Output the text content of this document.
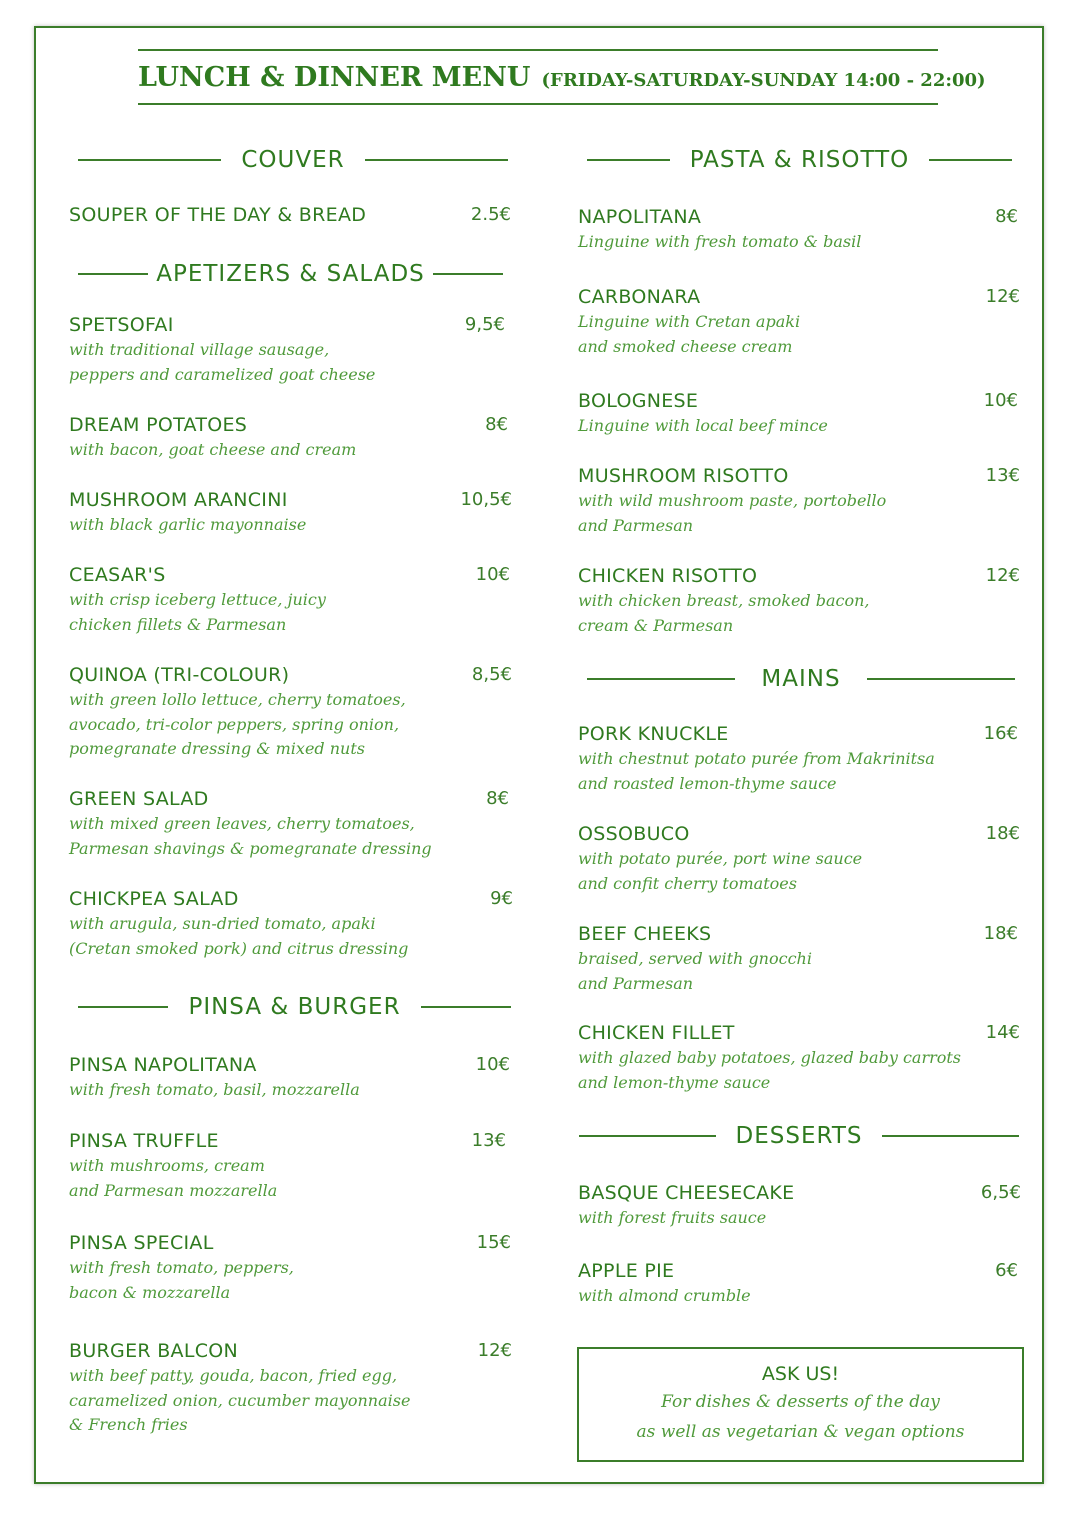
LUNCH & DINNER MENU (FRIDAY-SATURDAY-SUNDAY 14:00 - 22:00)
COUVER
SOUPER OF THE DAY & BREAD	2.5€
APETIZERS & SALADS
SPETSOFAI	9,5€
with traditional village sausage,
peppers and caramelized goat cheese
DREAM POTATOES	8€
with bacon, goat cheese and cream
MUSHROOM ARANCINI	10,5€
with black garlic mayonnaise
CEASAR'S	10€
with crisp iceberg lettuce, juicy
chicken fillets & Parmesan
QUINOA (TRI-COLOUR)	8,5€
with green lollo lettuce, cherry tomatoes,
avocado, tri-color peppers, spring onion,
pomegranate dressing & mixed nuts
GREEN SALAD	8€
with mixed green leaves, cherry tomatoes,
Parmesan shavings & pomegranate dressing
CHICKPEA SALAD	9€
with arugula, sun-dried tomato, apaki
(Cretan smoked pork) and citrus dressing
PINSA & BURGER
PINSA NAPOLITANA	10€
with fresh tomato, basil, mozzarella
PINSA TRUFFLE	13€
with mushrooms, cream
and Parmesan mozzarella
PINSA SPECIAL	15€
with fresh tomato, peppers,
bacon & mozzarella
BURGER BALCON	12€
with beef patty, gouda, bacon, fried egg,
caramelized onion, cucumber mayonnaise
& French fries
PASTA & RISOTTO
NAPOLITANA	8€
Linguine with fresh tomato & basil
CARBONARA	12€
Linguine with Cretan apaki
and smoked cheese cream
BOLOGNESE	10€
Linguine with local beef mince
MUSHROOM RISOTTO	13€
with wild mushroom paste, portobello
and Parmesan
CHICKEN RISOTTO	12€
with chicken breast, smoked bacon,
cream & Parmesan
MAINS
PORK KNUCKLE	16€
with chestnut potato purée from Makrinitsa
and roasted lemon-thyme sauce
OSSOBUCO	18€
with potato purée, port wine sauce
and confit cherry tomatoes
BEEF CHEEKS	18€
braised, served with gnocchi
and Parmesan
CHICKEN FILLET	14€
with glazed baby potatoes, glazed baby carrots
and lemon-thyme sauce
DESSERTS
BASQUE CHEESECAKE	6,5€
with forest fruits sauce
APPLE PIE	6€
with almond crumble
ASK US!
For dishes & desserts of the day
as well as vegetarian & vegan options
